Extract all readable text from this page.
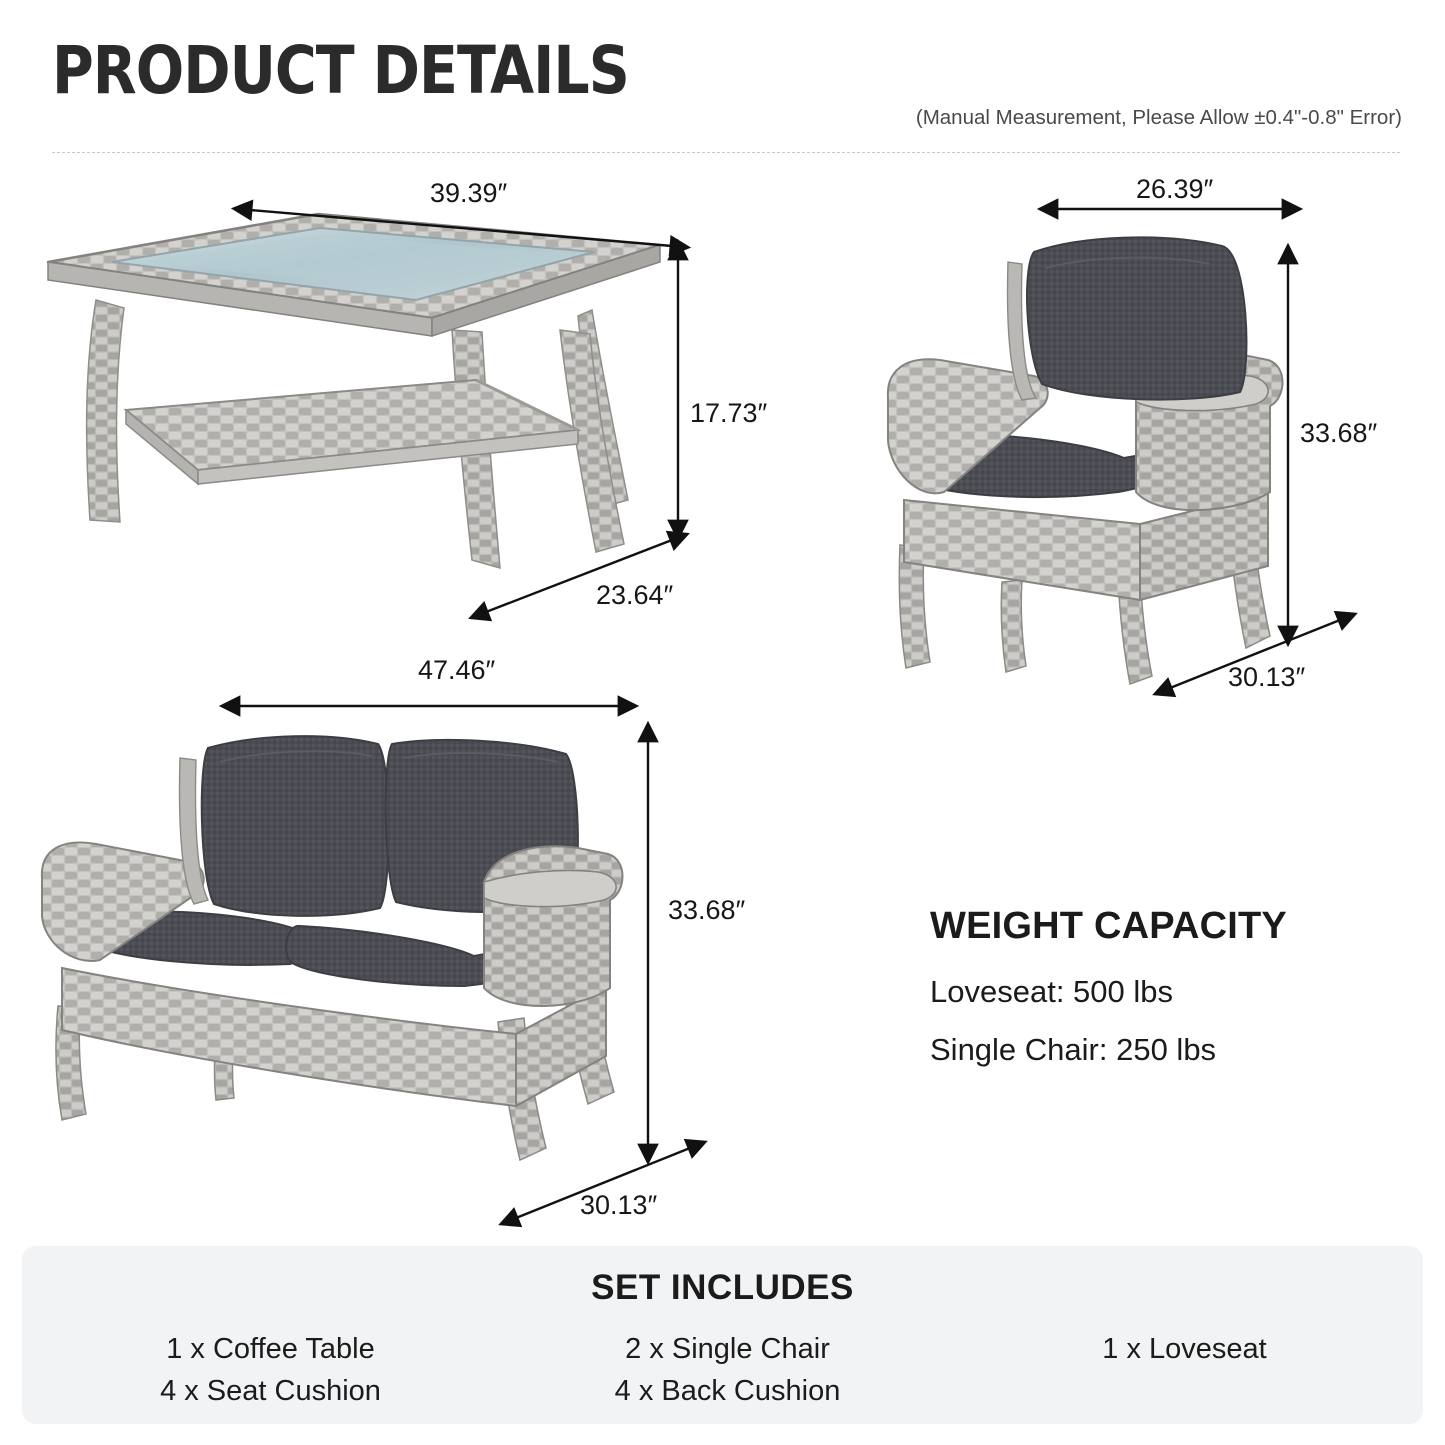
PRODUCT DETAILS
(Manual Measurement, Please Allow ±0.4"-0.8" Error)
39.39″
17.73″
23.64″
26.39″
33.68″
30.13″
47.46″
33.68″
30.13″
WEIGHT CAPACITY

Loveseat: 500 lbs

Single Chair: 250 lbs

SET INCLUDES
1 x Coffee Table
4 x Seat Cushion
2 x Single Chair
4 x Back Cushion
1 x Loveseat
